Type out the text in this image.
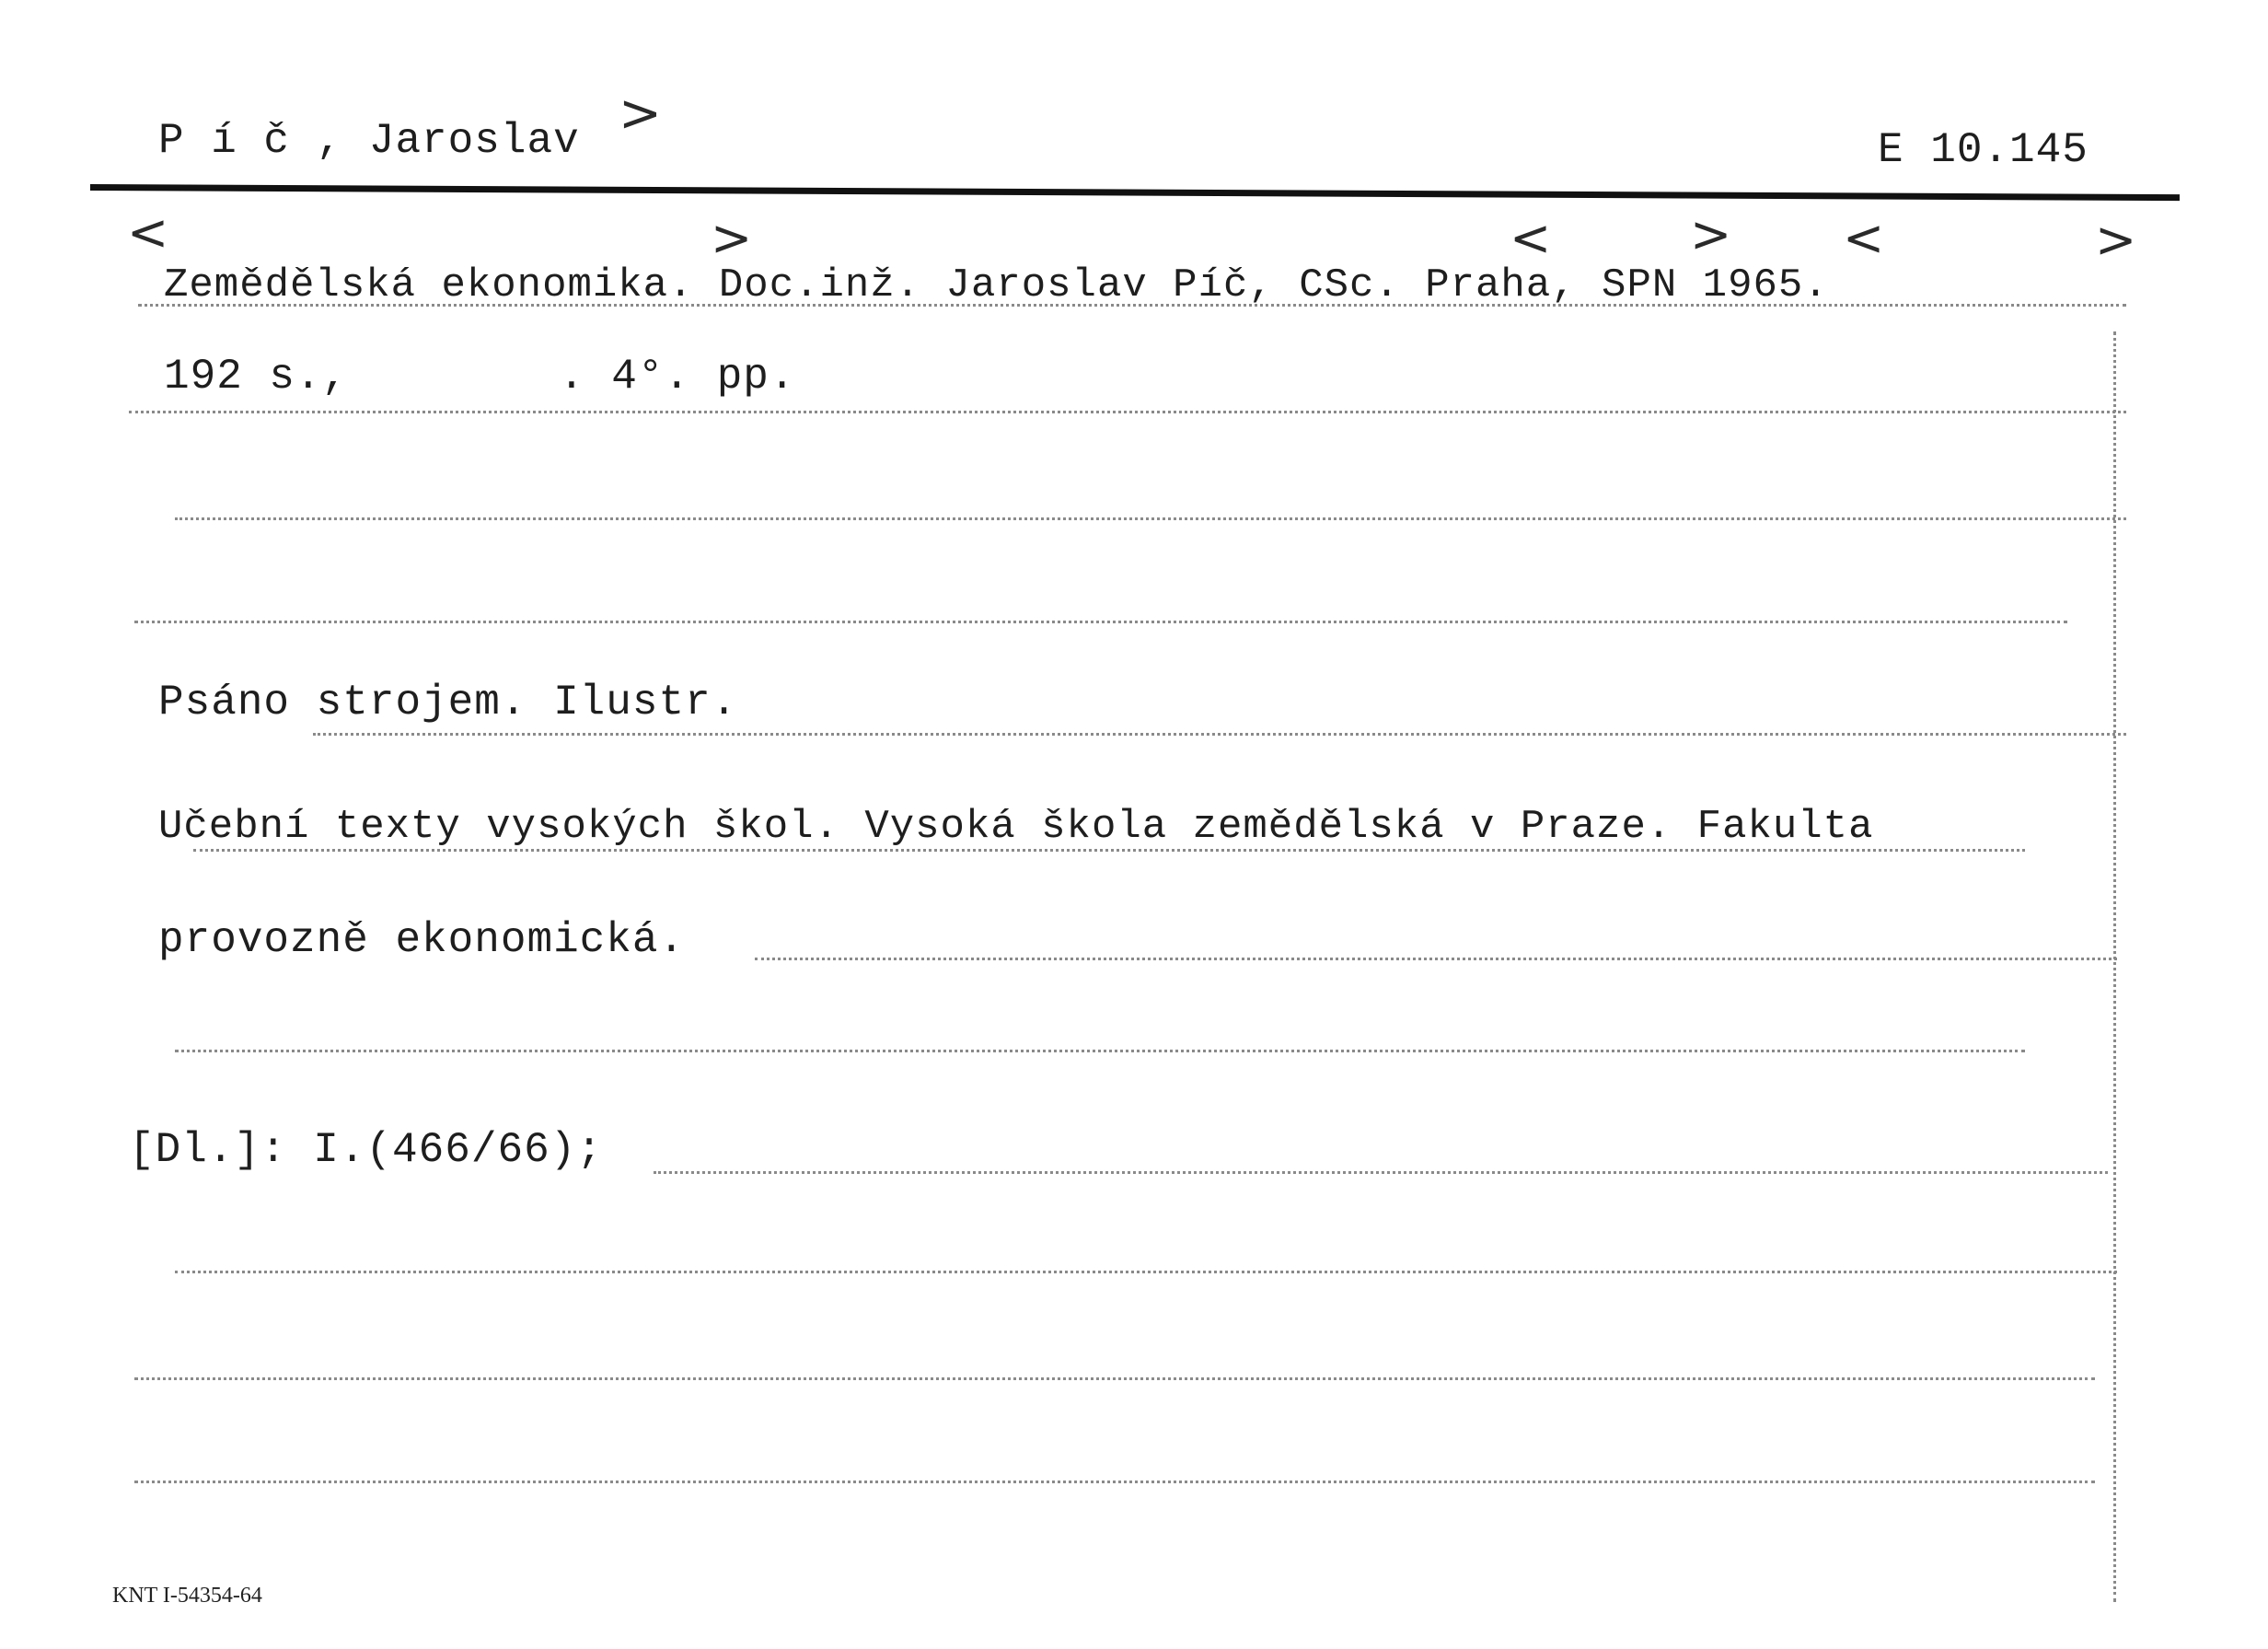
P í č , Jaroslav >
E 10.145
<	>	<	> <	>
Zemědělská ekonomika. Doc.inž. Jaroslav Píč, CSc. Praha, SPN 1965.
192 s.,        . 4°. pp.
Psáno strojem. Ilustr.
Učební texty vysokých škol. Vysoká škola zemědělská v Praze. Fakulta
provozně ekonomická.
[Dl.]: I.(466/66);
KNT I-54354-64
